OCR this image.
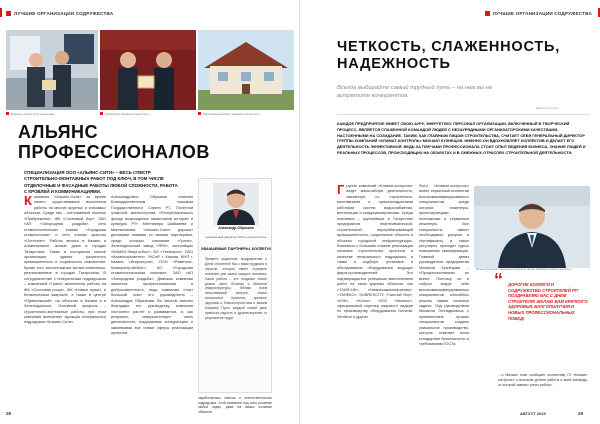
ЛУЧШИЕ ОРГАНИЗАЦИИ СОДРУЖЕСТВА
Компания Альянс-Сити на выставке	Руководство компании Альянс-Сити	Реализованный объект компании Альянс-Сити
АЛЬЯНС
ПРОФЕССИОНАЛОВ
СПЕЦИАЛИЗАЦИЯ ООО «АЛЬЯНС-СИТИ» – ВЕСЬ СПЕКТР СТРОИТЕЛЬНО-МОНТАЖНЫХ РАБОТ ПОД КЛЮЧ, В ТОМ ЧИСЛЕ ОТДЕЛОЧНЫЕ И ФАСАДНЫЕ РАБОТЫ ЛЮБОЙ СЛОЖНОСТИ, РАБОТА С КРОВЛЕЙ И КОММУНИКАЦИЯМИ.
Компания «Альянс-Сити» за время своего существования выполнила работы на многих крупных и значимых объектах. Среди них – котлованный поселок «Прибрежная», ЖК «Сосновый бор», ЗАО «АП «Загородная усадьба», сеть стоматологических клиник «Городская стоматология» и сеть клиник красоты «Остеопат». Работы велись в Казани и Альметьевске, жилые дома в городах Татарстана. Также в послужном списке организации здания различного промышленного и социального назначения. Кроме того, многоэтажные жилые комплексы, реализованные в городах Татарстана. В сотрудничестве с генеральным подрядчиком – компанией «Грань» выполнены работы на ЖК «Сосновая роща», ЖК «Новые горки», в ботаническом квартале, а также в центре «Приволжский», на объектах в Казани и в Зеленодольске. Основной профиль – строительно-монтажные работы, при этом компания выполняет функции генерального подрядчика «Альянс-Сити».
Александрович Образков отмечен Благодарственным письмом Государственного Совета РТ, Почетной грамотой министерства «Республиканского фонда возрождения памятников истории и культуры РТ» Ментимера Шаймиева и Минниханова. «Альянс-Сити» дорожит деловыми связями со своими партнерами, среди которых компании «Грань», Зеленодольский завод «ЯРА», застройщик «КАМАЗ-Энергосбыт», АО «Татэнерго», ПАО «Казаньоргсинтез», УКСиР г. Казани, МУП г. Казани «Инфостроя», ООО «Раметокс-Коммунстройсбыт», АО «Городская стоматологическая клиника», ЗАО «АП «Загородная усадьба». Девизом компании является: профессионализм и добросовестность, ведь компания стоит большой опыт его руководителя – Александра Образкова. Во многом именно благодаря его руководству компания постоянно растет и развивается, и, как результат, совершенствует свою деятельность, выдерживая конкуренцию и завоевывая все новые сферы реализации проектов.
Александр Образков
генеральный директор ООО «Альянс-Сити»
УВАЖАЕМЫЕ ПАРТНЕРЫ, КОЛЛЕГИ!
Примите искренние поздравления с Днем строителя! Мы с вами трудимся в отрасли, которая имеет огромное значение для жизни каждого человека. Наша работа – это создание новых домов, школ, больниц и объектов инфраструктуры. Желаю всем неиссякаемой энергии, новых интересных проектов, крепкого здоровья и благополучия вам и вашим близким! Пусть каждый новый день приносит радость и удовлетворение от результатов труда.
наработанным опытом и ответственностью подрядчика. Этой компании под силу решение любых задач, даже на самых сложных объектах.
28
ЛУЧШИЕ ОРГАНИЗАЦИИ СОДРУЖЕСТВА
ЧЕТКОСТЬ, СЛАЖЕННОСТЬ,
НАДЕЖНОСТЬ
Всегда выбирайте самый трудный путь – на нем вы не встретите конкурентов.
Шарль де Голль
КАЖДОЕ ПРЕДПРИЯТИЕ ИМЕЕТ СВОЮ АУРУ, ЭНЕРГЕТИКУ. ПЕРСОНАЛ ОРГАНИЗАЦИИ, ВКЛЮЧЕННЫЙ В ТВОРЧЕСКИЙ ПРОЦЕСС, ЯВЛЯЕТСЯ СЛАЖЕННОЙ КОМАНДОЙ ЛЮДЕЙ С НЕЗАУРЯДНЫМИ ОРГАНИЗАТОРСКИМИ КАЧЕСТВАМИ, НАСТОЕННЫМИ НА СОЗИДАНИЕ. ТАКИМ, КАК ГЛАВНЫМ ЛИЦОМ СТРОИТЕЛЬСТВА, СЧИТАЕТ СЕБЯ ГЕНЕРАЛЬНЫЙ ДИРЕКТОР ГРУППЫ КОМПАНИЙ «КЛИМАТ-КОНТРОЛЬ» МИХАИЛ КУЗНЕЦОВ. ИМЕННО ОН ВДОХНОВЛЯЕТ КОЛЛЕКТИВ И ДЕЛАЕТ ЕГО ДЕЯТЕЛЬНОСТЬ ЭФФЕКТИВНОЙ. ВЕДЬ ЗА ПЛЕЧАМИ ПРОФЕССИОНАЛА СТОИТ ОПЫТ ВЕДЕНИЯ БИЗНЕСА, ЗНАНИЕ ЛЮДЕЙ И РЕАЛЬНЫХ ПРОЦЕССОВ, ПРОИСХОДЯЩИХ НА ОБЪЕКТАХ И В СМЕЖНЫХ ОТРАСЛЯХ СТРОИТЕЛЬНОЙ ДЕЯТЕЛЬНОСТИ.
Группа компаний «Климат-контроль» ведет масштабную деятельность, связанную со строительно-монтажными и пусконаладочными работами систем водоснабжения, вентиляции и кондиционирования. Среди ключевых – крупнейшие в Татарстане предприятия нефтехимической, строительной, перерабатывающей промышленности, социальные объекты и объекты городской инфраструктуры. Компания с большим стажем реализации сложных строительных проектов в качестве генерального подрядчика, а также в подборе, установке и обслуживании оборудования ведущих фирм-производителей. Это подтверждается успешным выполнением работ на таких крупных объектах, как «ТАИФ-НК», «Нижнекамскнефтехим», «ТАНЕКО», SUNRESCITY, «Чистый бор», «КЗК», «Кзтнк», ООО «Ниянос», официальный партнер мирового лидера по производству оборудования General, Ventlene и других.
Фото «Климат-контроль» имеет серьезный коллектив высококвалифицированных специалистов, среди которых инженеры-проектировщики, монтажники и сервисные инженеры. Все специалисты имеют необходимые допуски и сертификаты, а также регулярно проходят курсы повышения квалификации. Главный девиз руководителя предприятия Михаила Кузнецова – «Профессионализм во всем». Поэтому он и собрал вокруг себя высококвалифицированных специалистов, способных решать самые сложные задачи. Под руководством Михаила Геннадьевича с применением лучших специалистов создано уникальное производство, которое отвечает всем стандартам безопасности и требованиям ГОСТа.
Михаил Кузнецов, генеральный директор группы компаний «Климат-контроль»
“ ДОРОГИЕ КОЛЛЕГИ И СОДРУЖЕСТВО СТРОИТЕЛЕЙ РТ! ПОЗДРАВЛЯЮ ВАС С ДНЕМ СТРОИТЕЛЯ! ЖЕЛАЮ ВАМ КРЕПКОГО ЗДОРОВЬЯ, БЛАГОПОЛУЧИЯ И НОВЫХ ПРОФЕССИОНАЛЬНЫХ ПОБЕД!
…и Михаил тоже сообщает коллективу ГК «Климат-контроль» о высоком уровне работы и всей команды, от которой зависит успех работы.
АВГУСТ 2019	29
